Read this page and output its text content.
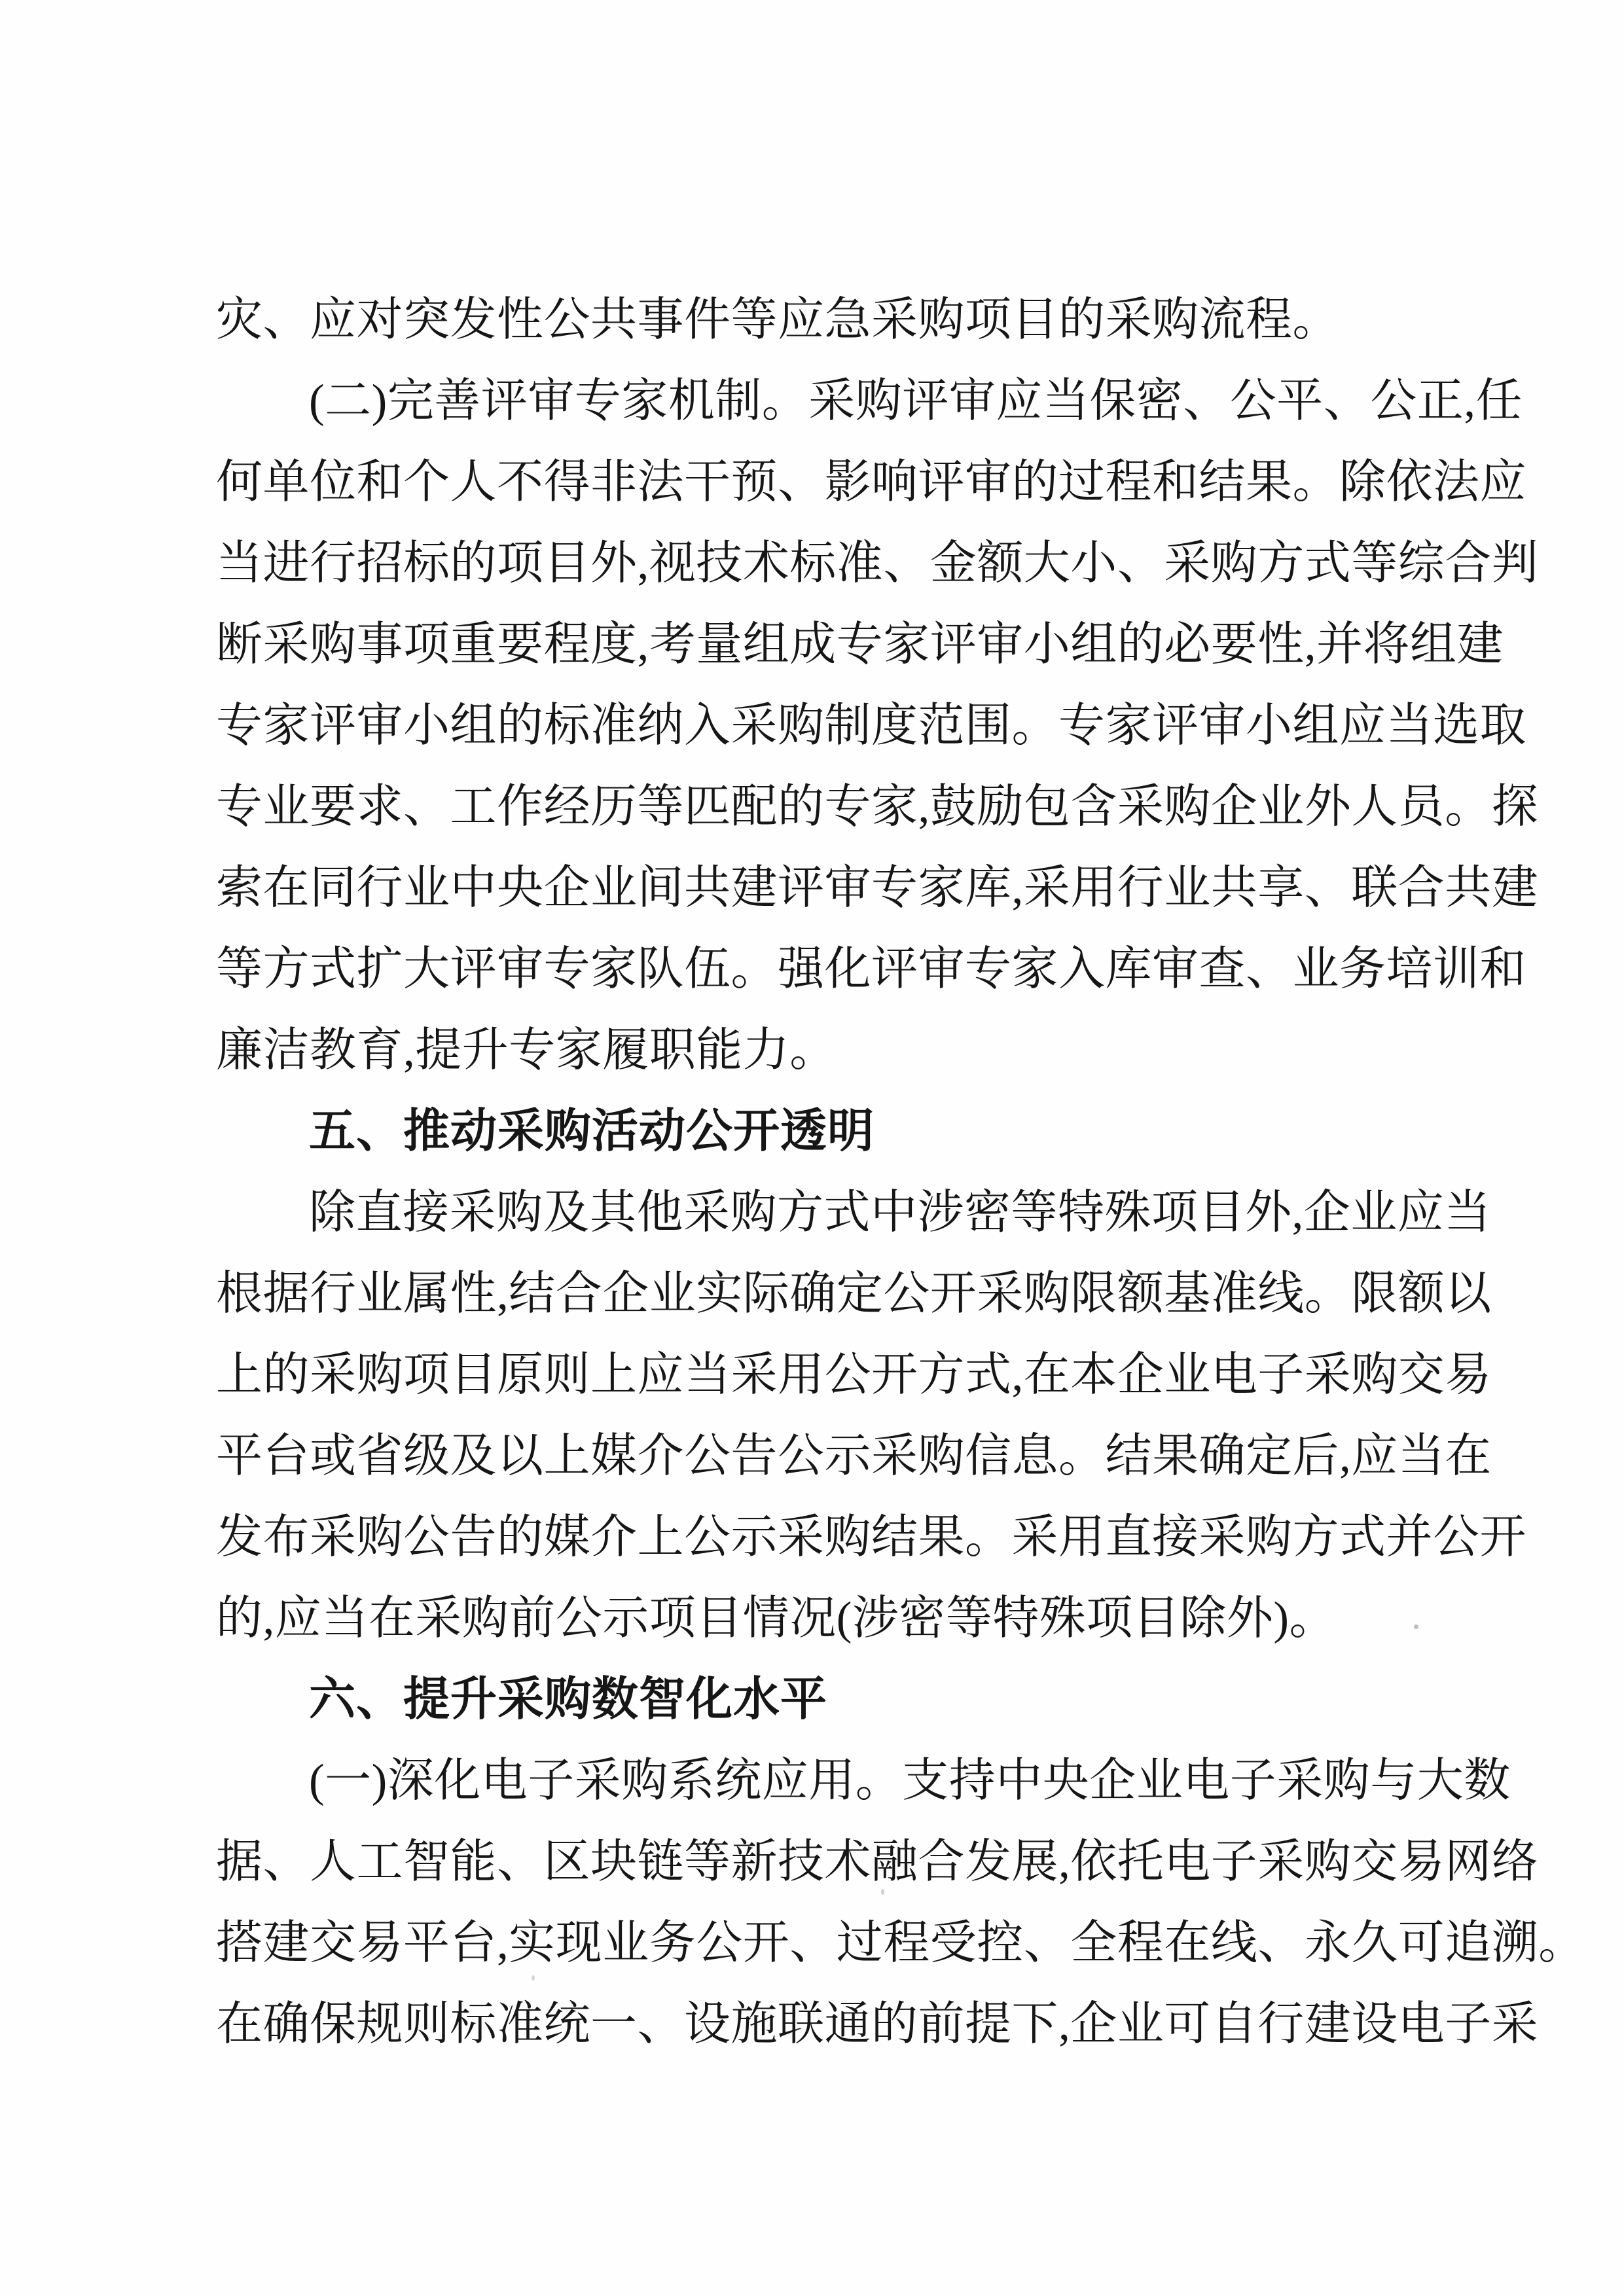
灾、应对突发性公共事件等应急采购项目的采购流程。
(二)完善评审专家机制。采购评审应当保密、公平、公正,任
何单位和个人不得非法干预、影响评审的过程和结果。除依法应
当进行招标的项目外,视技术标准、金额大小、采购方式等综合判
断采购事项重要程度,考量组成专家评审小组的必要性,并将组建
专家评审小组的标准纳入采购制度范围。专家评审小组应当选取
专业要求、工作经历等匹配的专家,鼓励包含采购企业外人员。探
索在同行业中央企业间共建评审专家库,采用行业共享、联合共建
等方式扩大评审专家队伍。强化评审专家入库审查、业务培训和
廉洁教育,提升专家履职能力。
五、推动采购活动公开透明
除直接采购及其他采购方式中涉密等特殊项目外,企业应当
根据行业属性,结合企业实际确定公开采购限额基准线。限额以
上的采购项目原则上应当采用公开方式,在本企业电子采购交易
平台或省级及以上媒介公告公示采购信息。结果确定后,应当在
发布采购公告的媒介上公示采购结果。采用直接采购方式并公开
的,应当在采购前公示项目情况(涉密等特殊项目除外)。
六、提升采购数智化水平
(一)深化电子采购系统应用。支持中央企业电子采购与大数
据、人工智能、区块链等新技术融合发展,依托电子采购交易网络
搭建交易平台,实现业务公开、过程受控、全程在线、永久可追溯。
在确保规则标准统一、设施联通的前提下,企业可自行建设电子采
